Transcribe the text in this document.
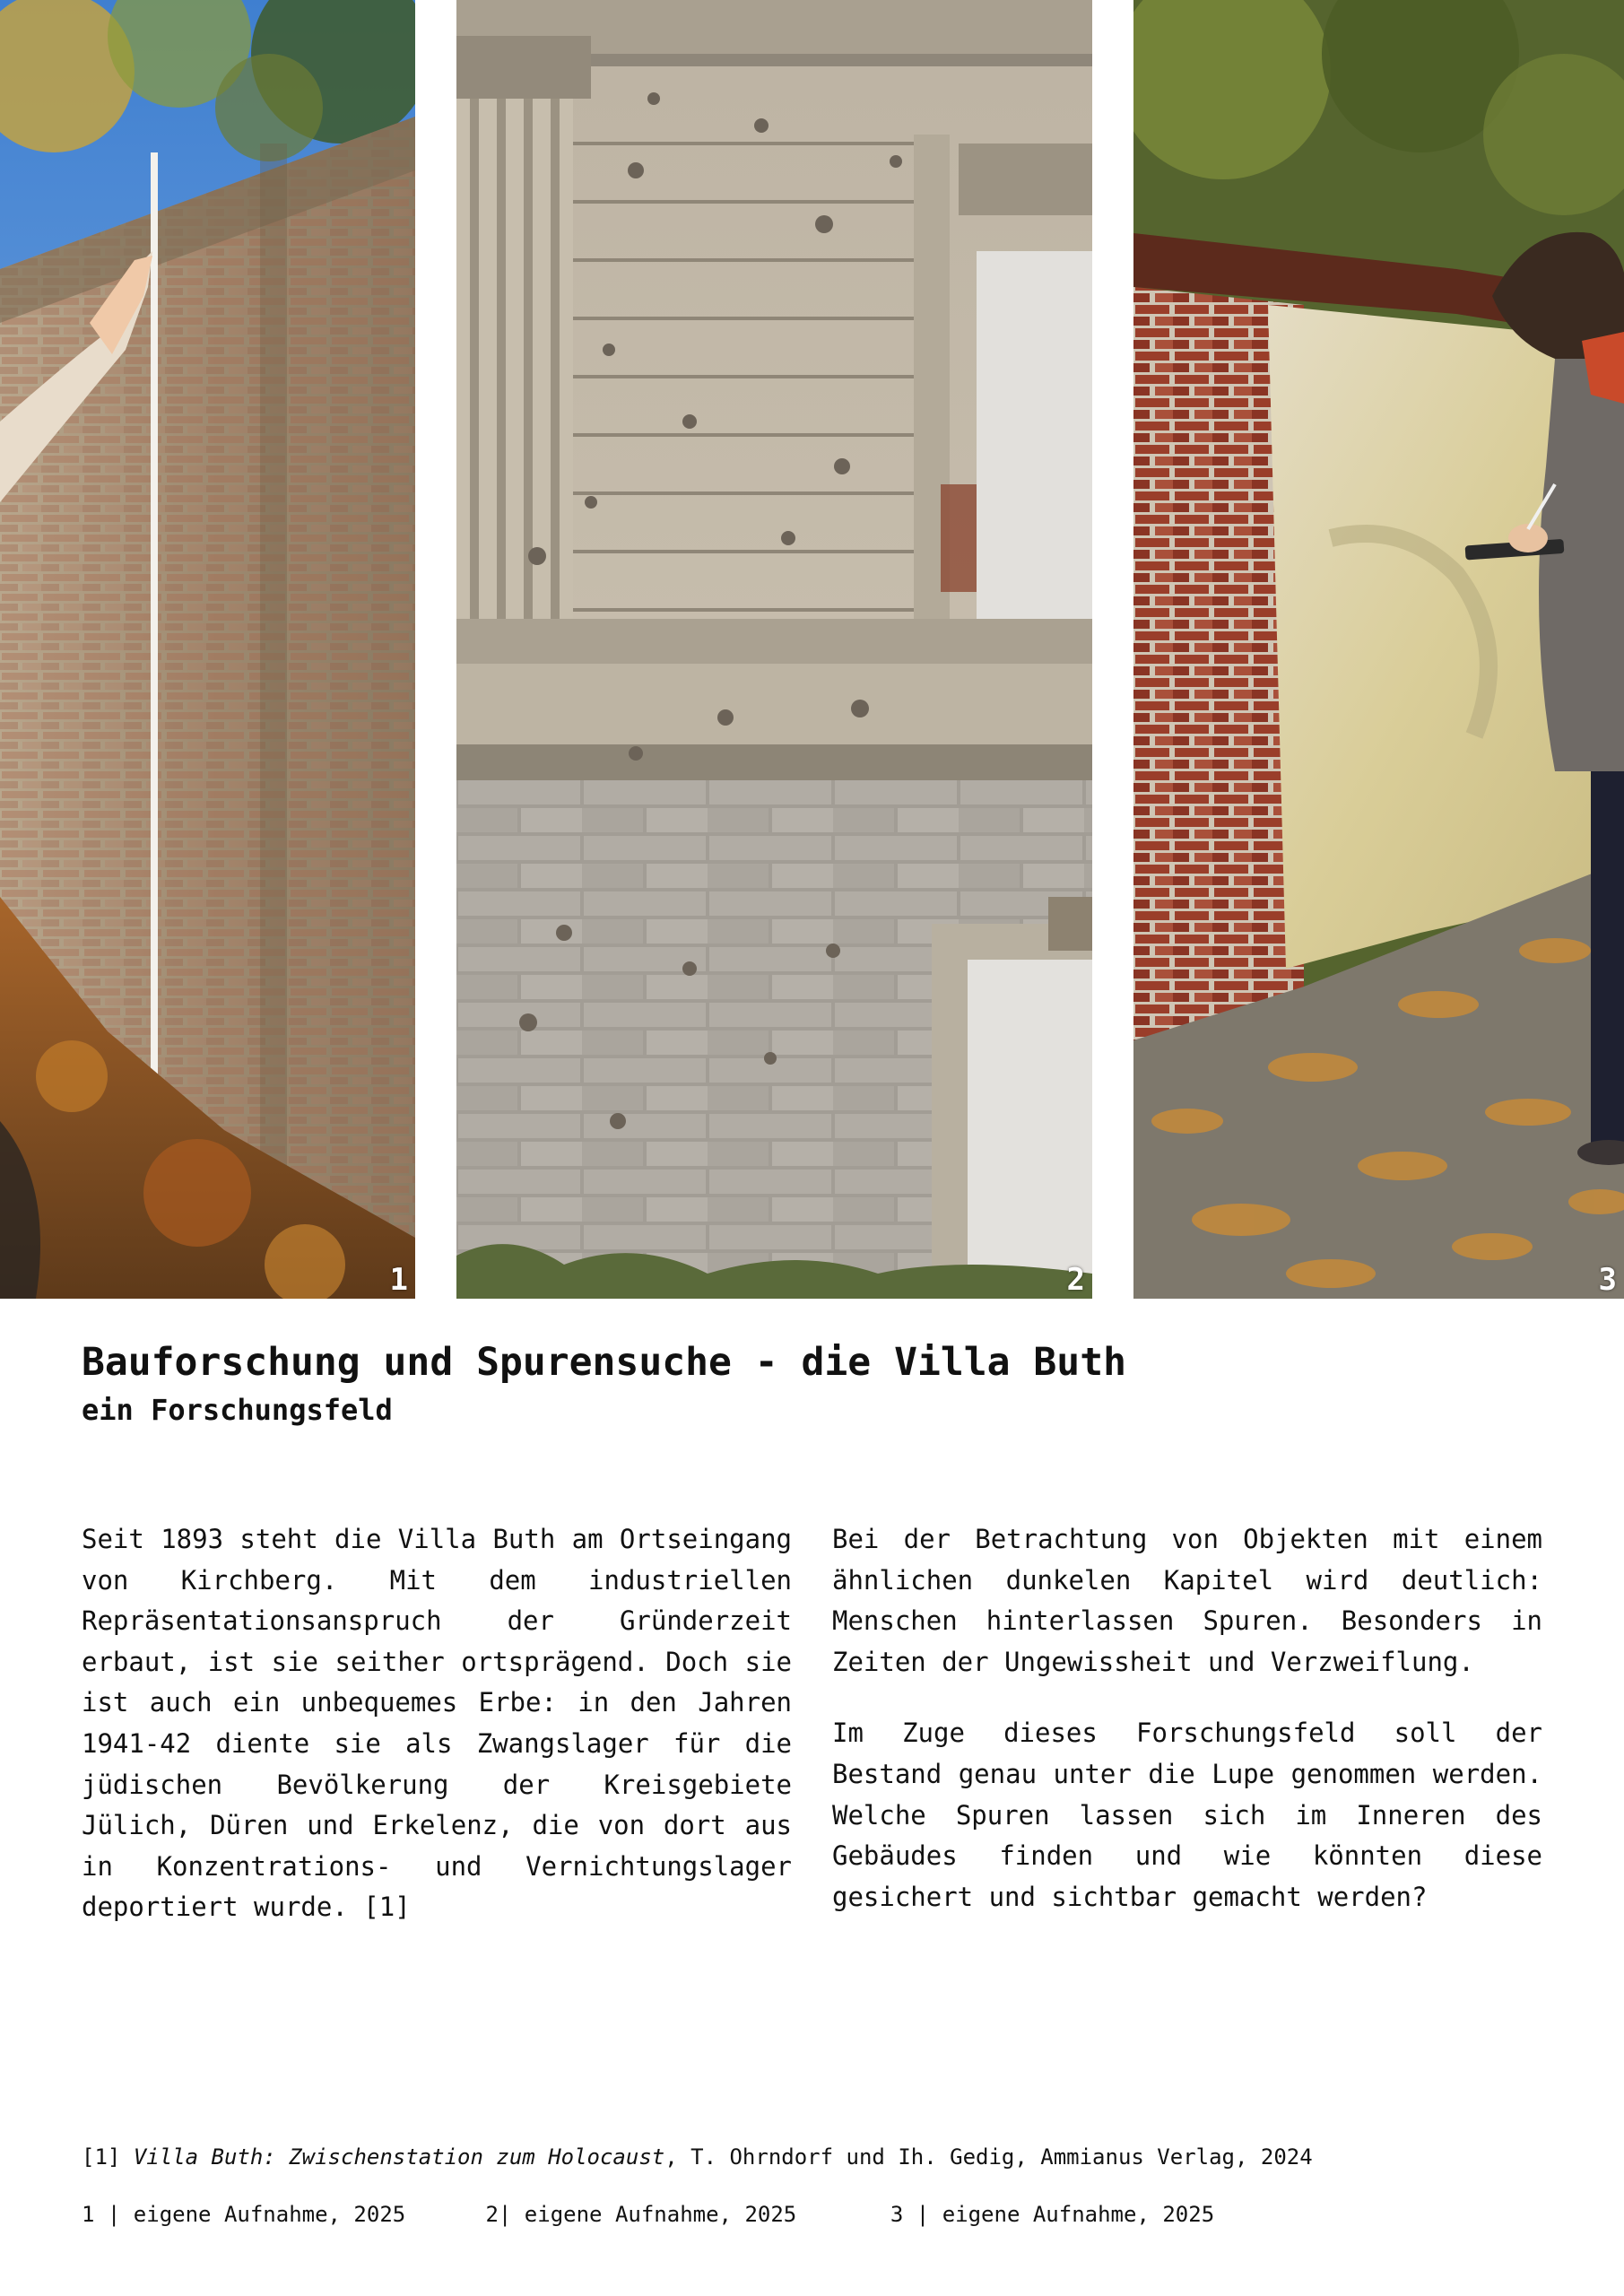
1	2	3
Bauforschung und Spurensuche - die Villa Buth
ein Forschungsfeld

Seit 1893 steht die Villa Buth am Ortseingang von Kirchberg. Mit dem industriellen Repräsentationsanspruch der Gründerzeit erbaut, ist sie seither ortsprägend. Doch sie ist auch ein unbequemes Erbe: in den Jahren 1941-42 diente sie als Zwangslager für die jüdischen Bevölkerung der Kreisgebiete Jülich, Düren und Erkelenz, die von dort aus in Konzentrations- und Vernichtungslager deportiert wurde. [1]

Bei der Betrachtung von Objekten mit einem ähnlichen dunkelen Kapitel wird deutlich: Menschen hinterlassen Spuren. Besonders in Zeiten der Ungewissheit und Verzweiflung.

Im Zuge dieses Forschungsfeld soll der Bestand genau unter die Lupe genommen werden. Welche Spuren lassen sich im Inneren des Gebäudes finden und wie könnten diese gesichert und sichtbar gemacht werden?

[1] Villa Buth: Zwischenstation zum Holocaust, T. Ohrndorf und Ih. Gedig, Ammianus Verlag, 2024
1 | eigene Aufnahme, 2025	2| eigene Aufnahme, 2025	3 | eigene Aufnahme, 2025
